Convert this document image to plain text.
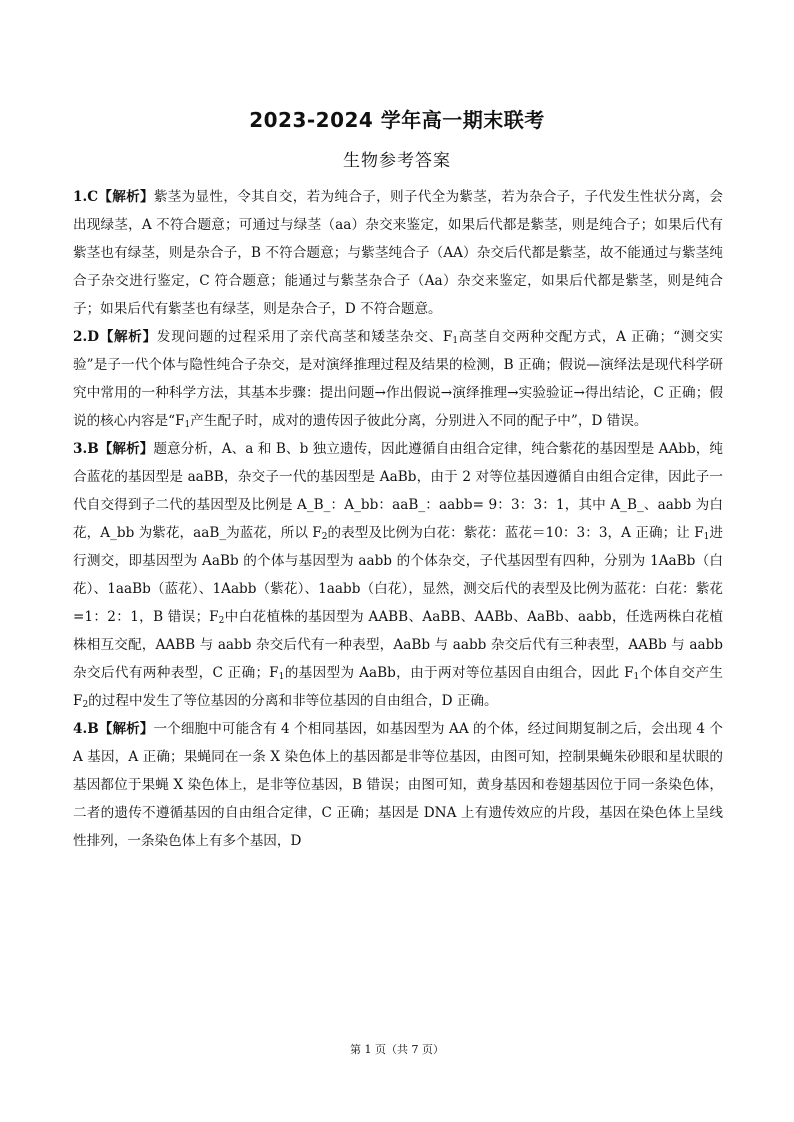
2023-2024 学年高一期末联考
生物参考答案

1.C【解析】紫茎为显性，令其自交，若为纯合子，则子代全为紫茎，若为杂合子，子代发生性状分离，会出现绿茎，A 不符合题意；可通过与绿茎（aa）杂交来鉴定，如果后代都是紫茎，则是纯合子；如果后代有紫茎也有绿茎，则是杂合子，B 不符合题意；与紫茎纯合子（AA）杂交后代都是紫茎，故不能通过与紫茎纯合子杂交进行鉴定，C 符合题意；能通过与紫茎杂合子（Aa）杂交来鉴定，如果后代都是紫茎，则是纯合子；如果后代有紫茎也有绿茎，则是杂合子，D 不符合题意。

2.D【解析】发现问题的过程采用了亲代高茎和矮茎杂交、$F_1$高茎自交两种交配方式，A 正确；“测交实验”是子一代个体与隐性纯合子杂交，是对演绎推理过程及结果的检测，B 正确；假说—演绎法是现代科学研究中常用的一种科学方法，其基本步骤：提出问题→作出假说→演绎推理→实验验证→得出结论，C 正确；假说的核心内容是“$F_1$产生配子时，成对的遗传因子彼此分离，分别进入不同的配子中”，D 错误。

3.B【解析】题意分析，A、a 和 B、b 独立遗传，因此遵循自由组合定律，纯合紫花的基因型是 AAbb，纯合蓝花的基因型是 aaBB，杂交子一代的基因型是 AaBb，由于 2 对等位基因遵循自由组合定律，因此子一代自交得到子二代的基因型及比例是 A_B_：A_bb：aaB_：aabb= 9：3：3：1，其中 A_B_、aabb 为白花，A_bb 为紫花，aaB_为蓝花，所以 $F_2$的表型及比例为白花：紫花：蓝花＝10：3：3，A 正确；让 $F_1$进行测交，即基因型为 AaBb 的个体与基因型为 aabb 的个体杂交，子代基因型有四种，分别为 1AaBb（白花）、1aaBb（蓝花）、1Aabb（紫花）、1aabb（白花），显然，测交后代的表型及比例为蓝花：白花：紫花=1：2：1，B 错误；$F_2$中白花植株的基因型为 AABB、AaBB、AABb、AaBb、aabb，任选两株白花植株相互交配，AABB 与 aabb 杂交后代有一种表型，AaBb 与 aabb 杂交后代有三种表型，AABb 与 aabb 杂交后代有两种表型，C 正确；$F_1$的基因型为 AaBb，由于两对等位基因自由组合，因此 $F_1$个体自交产生 $F_2$的过程中发生了等位基因的分离和非等位基因的自由组合，D 正确。

4.B【解析】一个细胞中可能含有 4 个相同基因，如基因型为 AA 的个体，经过间期复制之后，会出现 4 个 A 基因，A 正确；果蝇同在一条 X 染色体上的基因都是非等位基因，由图可知，控制果蝇朱砂眼和星状眼的基因都位于果蝇 X 染色体上，是非等位基因，B 错误；由图可知，黄身基因和卷翅基因位于同一条染色体，二者的遗传不遵循基因的自由组合定律，C 正确；基因是 DNA 上有遗传效应的片段，基因在染色体上呈线性排列，一条染色体上有多个基因，D

第 1 页（共 7 页）
